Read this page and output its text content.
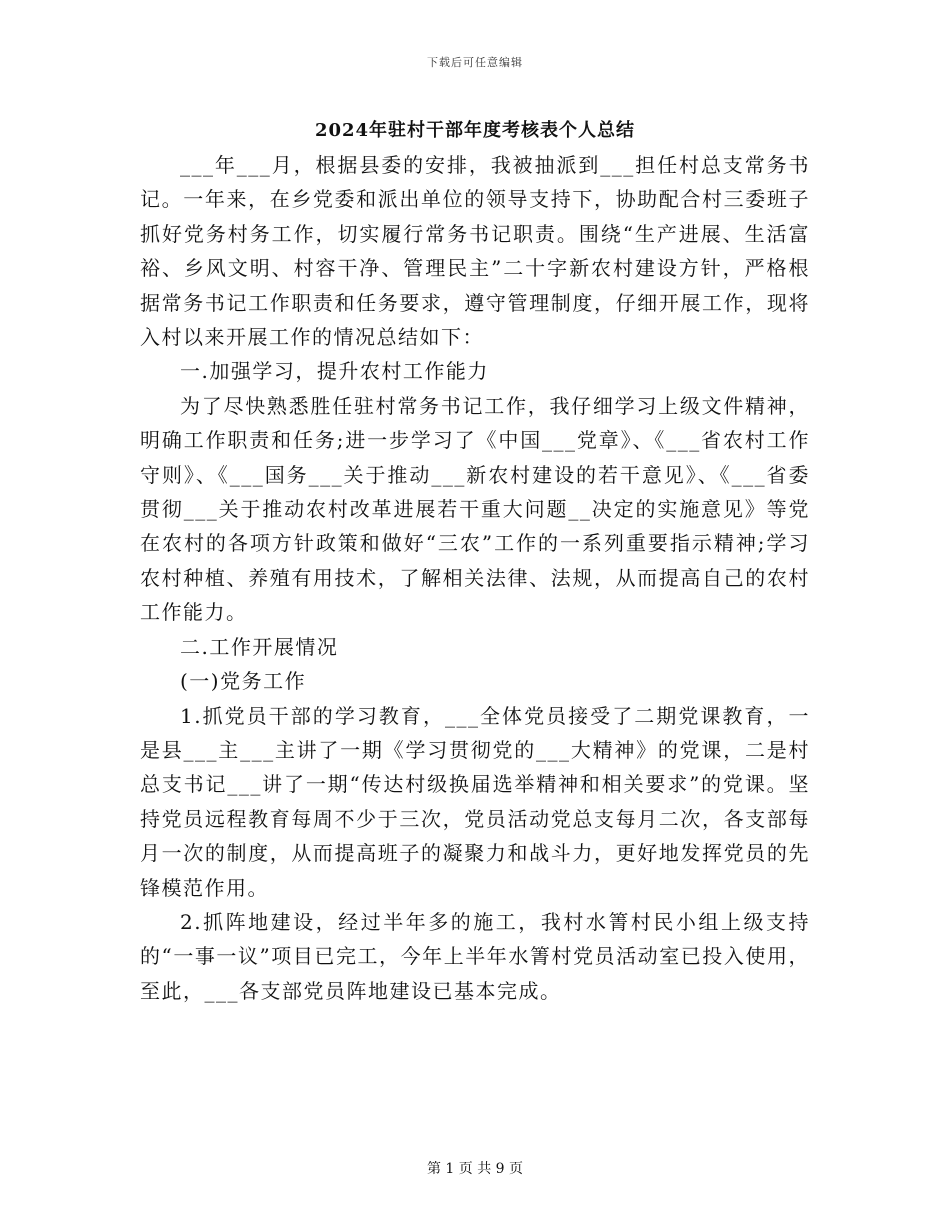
下载后可任意编辑
2024年驻村干部年度考核表个人总结

___年___月，根据县委的安排，我被抽派到___担任村总支常务书记。一年来，在乡党委和派出单位的领导支持下，协助配合村三委班子抓好党务村务工作，切实履行常务书记职责。围绕“生产进展、生活富裕、乡风文明、村容干净、管理民主”二十字新农村建设方针，严格根据常务书记工作职责和任务要求，遵守管理制度，仔细开展工作，现将入村以来开展工作的情况总结如下：

一.加强学习，提升农村工作能力

为了尽快熟悉胜任驻村常务书记工作，我仔细学习上级文件精神，明确工作职责和任务;进一步学习了《中国___党章》、《___省农村工作守则》、《___国务___关于推动___新农村建设的若干意见》、《___省委贯彻___关于推动农村改革进展若干重大问题__决定的实施意见》等党在农村的各项方针政策和做好“三农”工作的一系列重要指示精神;学习农村种植、养殖有用技术，了解相关法律、法规，从而提高自己的农村工作能力。

二.工作开展情况

(一)党务工作

1.抓党员干部的学习教育，___全体党员接受了二期党课教育，一是县___主___主讲了一期《学习贯彻党的___大精神》的党课，二是村总支书记___讲了一期“传达村级换届选举精神和相关要求”的党课。坚持党员远程教育每周不少于三次，党员活动党总支每月二次，各支部每月一次的制度，从而提高班子的凝聚力和战斗力，更好地发挥党员的先锋模范作用。

2.抓阵地建设，经过半年多的施工，我村水箐村民小组上级支持的“一事一议”项目已完工，今年上半年水箐村党员活动室已投入使用，至此，___各支部党员阵地建设已基本完成。

第 1 页 共 9 页
